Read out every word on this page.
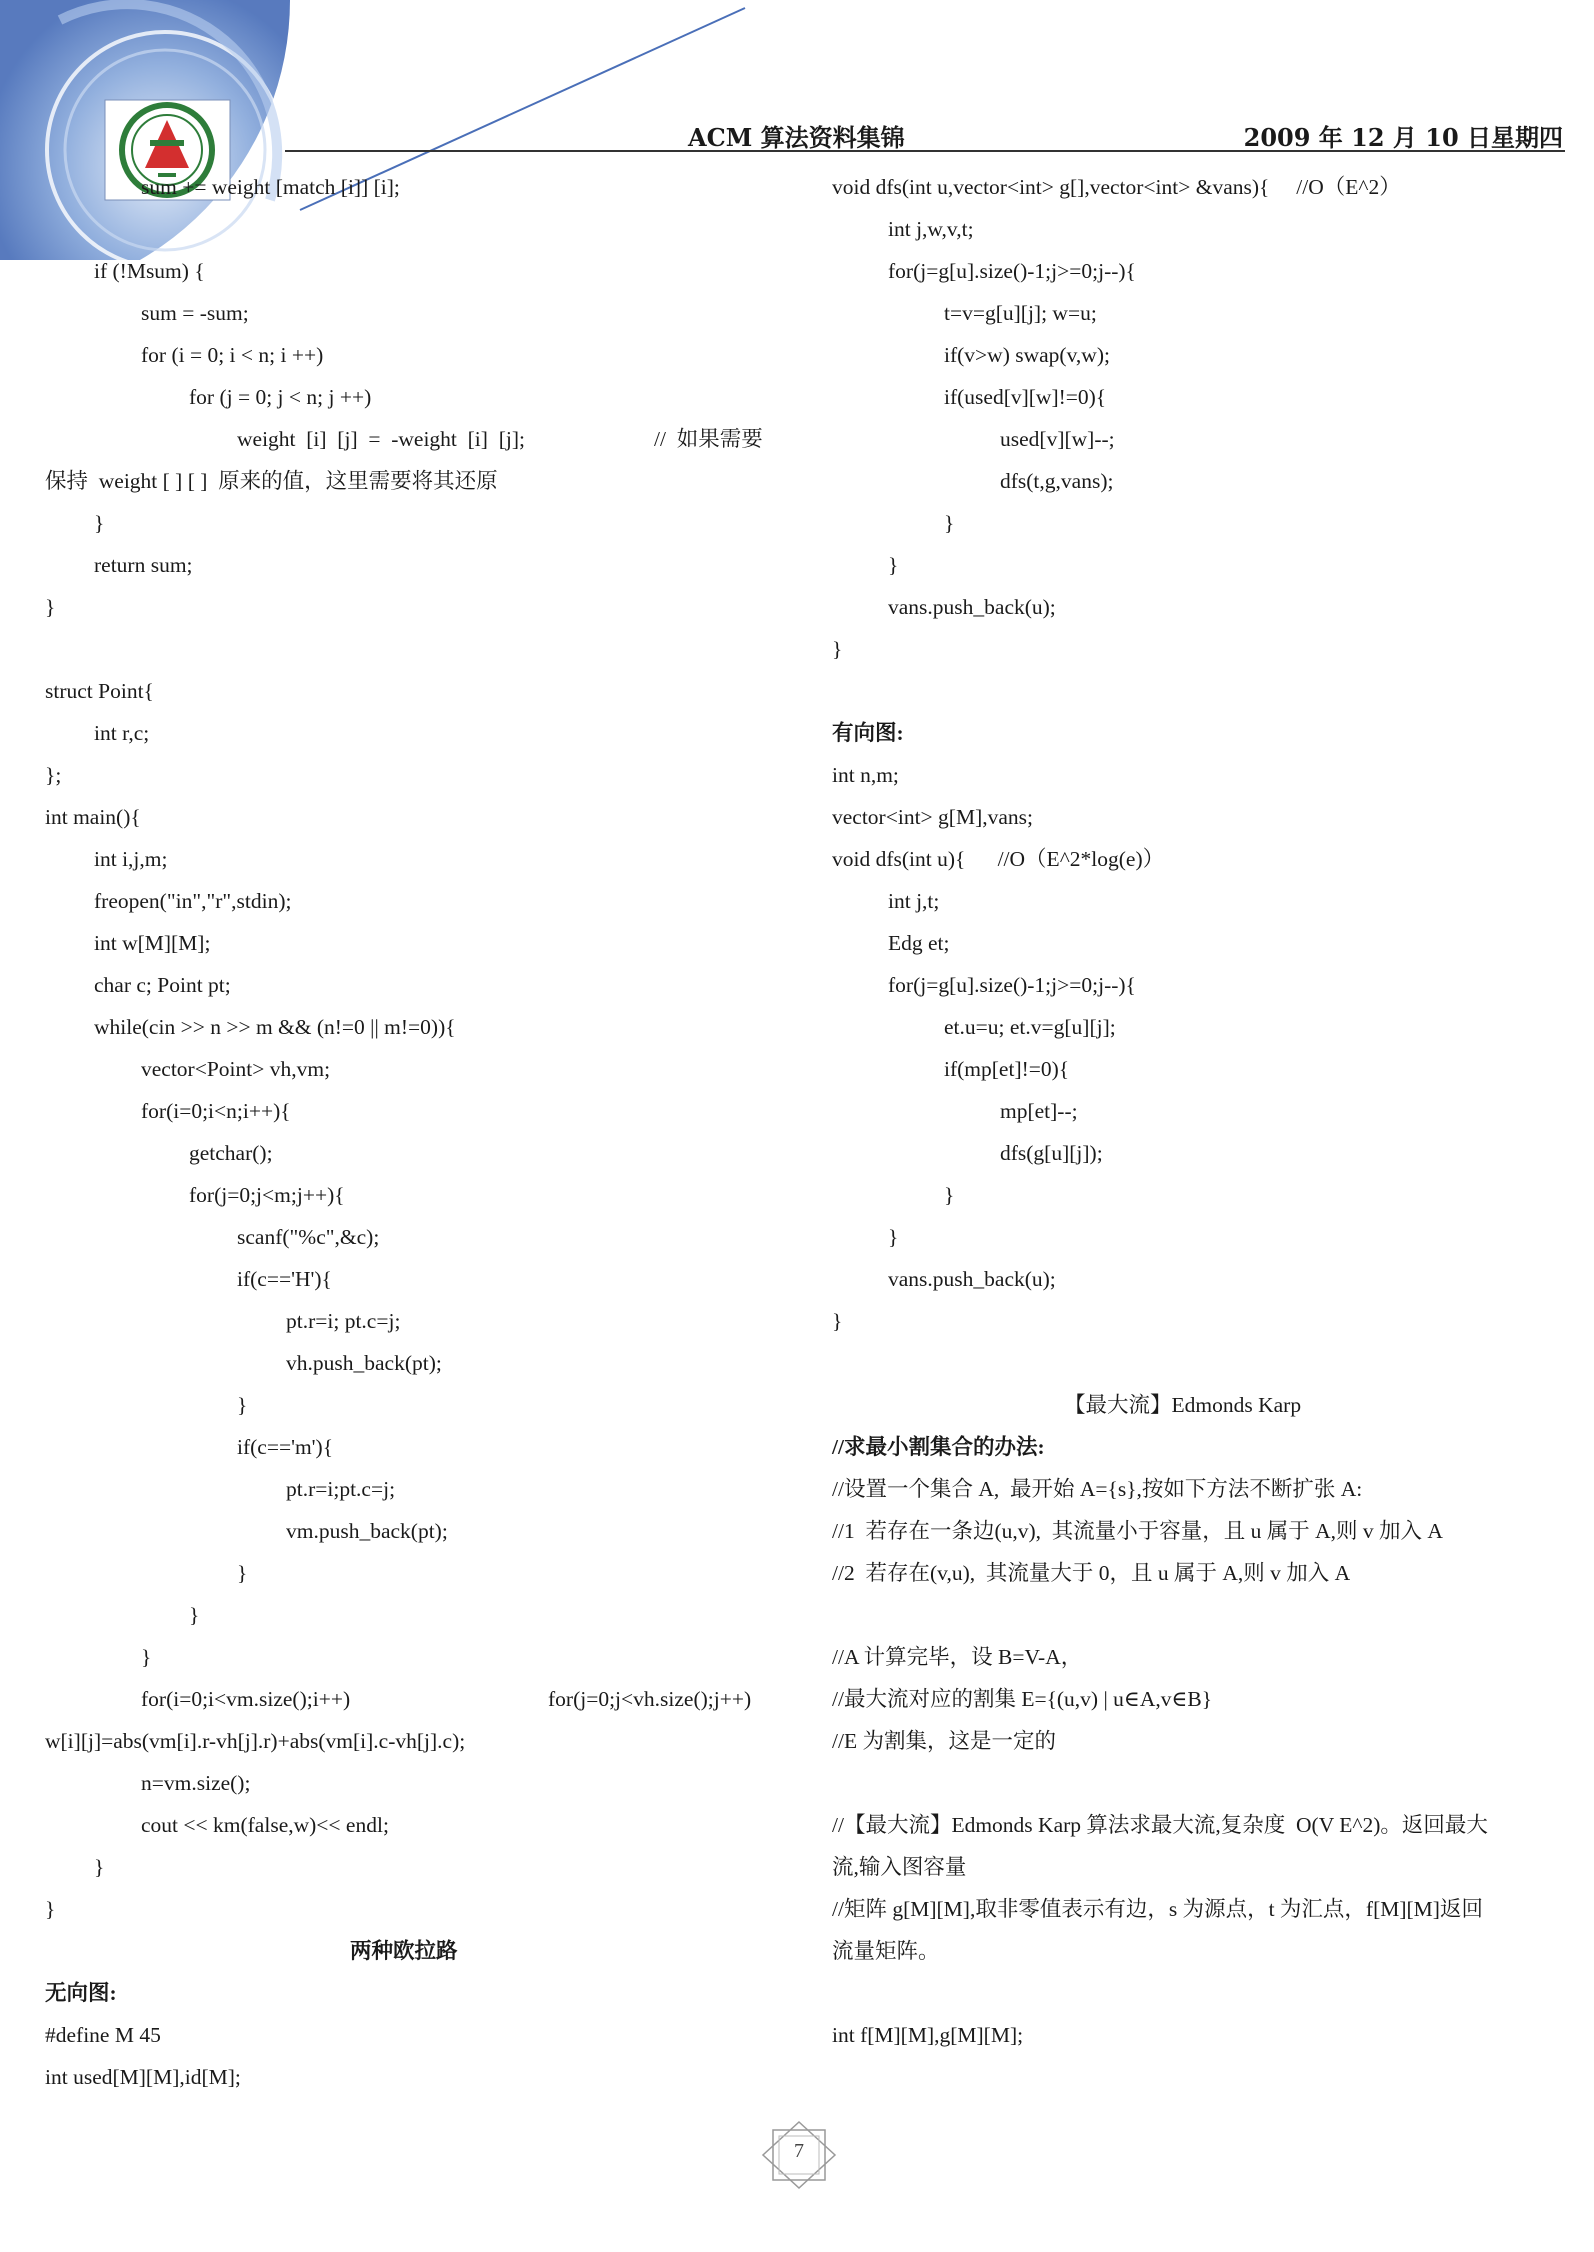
ACM 算法资料集锦	2009 年 12 月 10 日星期四
sum += weight [match [i]] [i];
if (!Msum) {
sum = -sum;
for (i = 0; i < n; i ++)
for (j = 0; j < n; j ++)
weight  [i]  [j]  =  -weight  [i]  [j];	//  如果需要
保持  weight [ ] [ ]  原来的值，这里需要将其还原
}
return sum;
}
struct Point{
int r,c;
};
int main(){
int i,j,m;
freopen("in","r",stdin);
int w[M][M];
char c; Point pt;
while(cin >> n >> m && (n!=0 || m!=0)){
vector<Point> vh,vm;
for(i=0;i<n;i++){
getchar();
for(j=0;j<m;j++){
scanf("%c",&c);
if(c=='H'){
pt.r=i; pt.c=j;
vh.push_back(pt);
}
if(c=='m'){
pt.r=i;pt.c=j;
vm.push_back(pt);
}
}
}
for(i=0;i<vm.size();i++)	for(j=0;j<vh.size();j++)
w[i][j]=abs(vm[i].r-vh[j].r)+abs(vm[i].c-vh[j].c);
n=vm.size();
cout << km(false,w)<< endl;
}
}
两种欧拉路
无向图:
#define M 45
int used[M][M],id[M];
void dfs(int u,vector<int> g[],vector<int> &vans){     //O（E^2）
int j,w,v,t;
for(j=g[u].size()-1;j>=0;j--){
t=v=g[u][j]; w=u;
if(v>w) swap(v,w);
if(used[v][w]!=0){
used[v][w]--;
dfs(t,g,vans);
}
}
vans.push_back(u);
}
有向图:
int n,m;
vector<int> g[M],vans;
void dfs(int u){      //O（E^2*log(e)）
int j,t;
Edg et;
for(j=g[u].size()-1;j>=0;j--){
et.u=u; et.v=g[u][j];
if(mp[et]!=0){
mp[et]--;
dfs(g[u][j]);
}
}
vans.push_back(u);
}
【最大流】Edmonds Karp
//求最小割集合的办法:
//设置一个集合 A,  最开始 A={s},按如下方法不断扩张 A:
//1  若存在一条边(u,v),  其流量小于容量，且 u 属于 A,则 v 加入 A
//2  若存在(v,u),  其流量大于 0，且 u 属于 A,则 v 加入 A
//A 计算完毕，设 B=V-A，
//最大流对应的割集 E={(u,v) | u∈A,v∈B}
//E 为割集，这是一定的
//【最大流】Edmonds Karp 算法求最大流,复杂度  O(V E^2)。返回最大
流,输入图容量
//矩阵 g[M][M],取非零值表示有边，s 为源点，t 为汇点，f[M][M]返回
流量矩阵。
int f[M][M],g[M][M];
7
